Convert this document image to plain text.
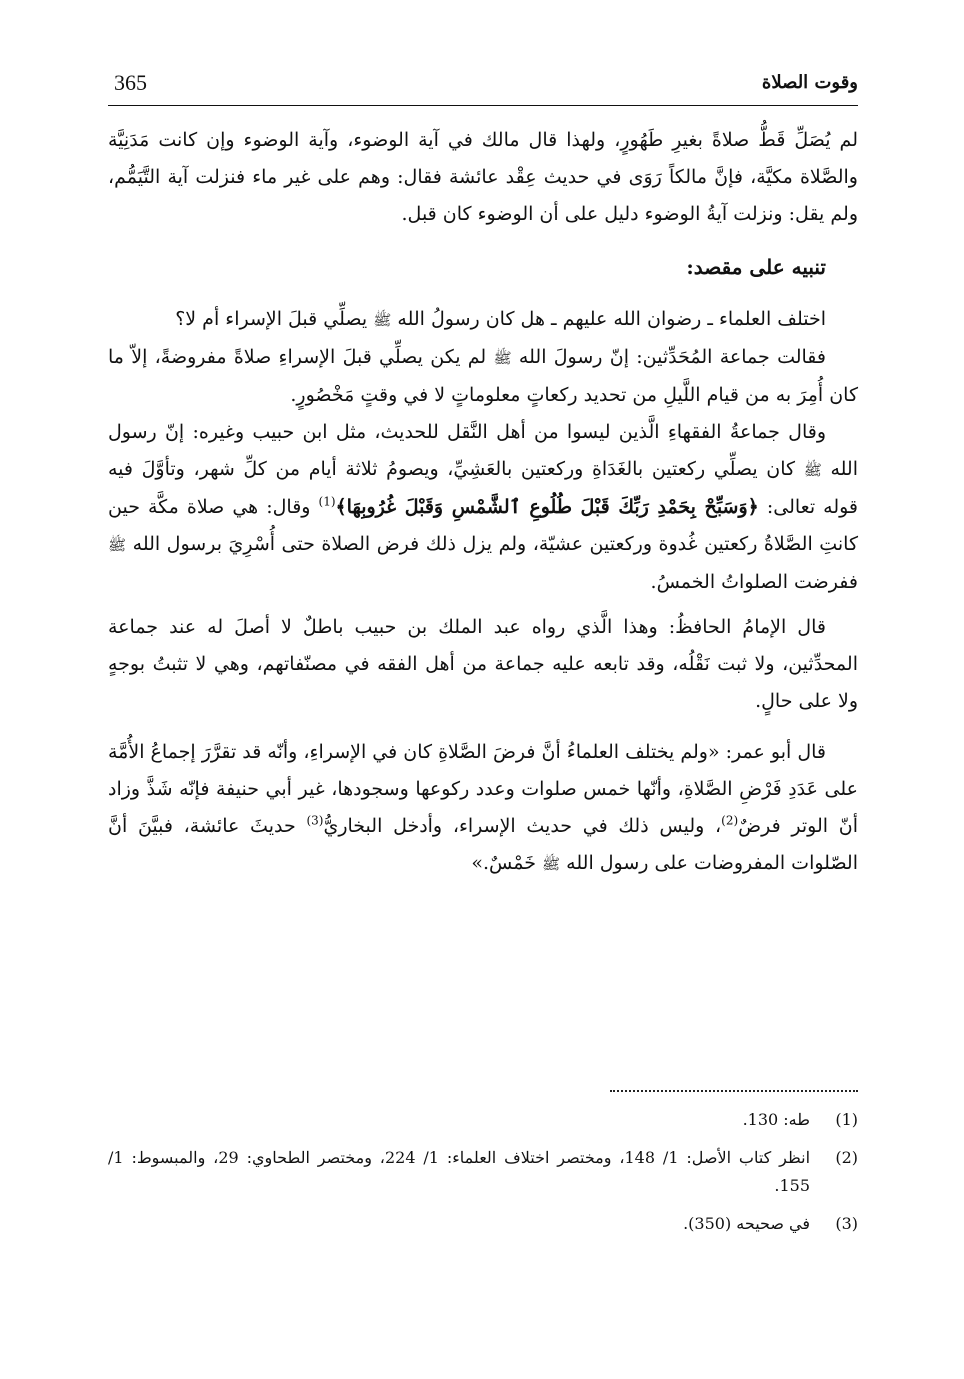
365	وقوت الصلاة

لم يُصَلِّ قَطُّ صلاةً بغيرِ طَهُورٍ، ولهذا قال مالك في آية الوضوء، وآية الوضوء وإن كانت مَدَنِيَّة والصَّلاة مكيَّة، فإنَّ مالكاً رَوَى في حديث عِقْد عائشة فقال: وهم على غير ماء فنزلت آية التَّيَمُّم، ولم يقل: ونزلت آيةُ الوضوء دليل على أن الوضوء كان قبل.

تنبيه على مقصد:

اختلف العلماء ـ رضوان الله عليهم ـ هل كان رسولُ الله ﷺ يصلِّي قبلَ الإسراء أم لا؟

فقالت جماعة المُحَدِّثين: إنّ رسولَ الله ﷺ لم يكن يصلِّي قبلَ الإسراءِ صلاةً مفروضةً، إلاّ ما كان أُمِرَ به من قيام اللَّيلِ من تحديد ركعاتٍ معلوماتٍ لا في وقتٍ مَخْصُورٍ.

وقال جماعةُ الفقهاءِ الَّذين ليسوا من أهل النَّقل للحديث، مثل ابن حبيب وغيره: إنّ رسول الله ﷺ كان يصلِّي ركعتين بالغَدَاةِ وركعتين بالعَشِيِّ، ويصومُ ثلاثة أيام من كلِّ شهر، وتأوَّلَ فيه قوله تعالى: ﴿وَسَبِّحْ بِحَمْدِ رَبِّكَ قَبْلَ طُلُوعِ ٱلشَّمْسِ وَقَبْلَ غُرُوبِهَا﴾$^{(1)}$ وقال: هي صلاة مكَّة حين كانتِ الصَّلاةُ ركعتين غُدوة وركعتين عشيّة، ولم يزل ذلك فرض الصلاة حتى أُسْرِيَ برسول الله ﷺ ففرضت الصلواتُ الخمسُ.

قال الإمامُ الحافظُ: وهذا الَّذي رواه عبد الملك بن حبيب باطلٌ لا أصلَ له عند جماعة المحدِّثين، ولا ثبت نَقْلُه، وقد تابعه عليه جماعة من أهل الفقه في مصنّفاتهم، وهي لا تثبتُ بوجهٍ ولا على حالٍ.

قال أبو عمر: «ولم يختلف العلماءُ أنَّ فرضَ الصَّلاةِ كان في الإسراءِ، وأنّه قد تقرَّرَ إجماعُ الأُمَّة على عَدَدِ فَرْضِ الصَّلاةِ، وأنّها خمس صلوات وعدد ركوعها وسجودها، غير أبي حنيفة فإنّه شَذَّ وزاد أنّ الوتر فرضٌ$^{(2)}$، وليس ذلك في حديث الإسراء، وأدخل البخاريُّ$^{(3)}$ حديثَ عائشة، فبيَّنَ أنَّ الصّلوات المفروضات على رسول الله ﷺ خَمْسٌ.»

(1)
طه: 130.
(2)
انظر كتاب الأصل: 1/ 148، ومختصر اختلاف العلماء: 1/ 224، ومختصر الطحاوي: 29، والمبسوط: 1/ 155.
(3)
في صحيحه (350).
